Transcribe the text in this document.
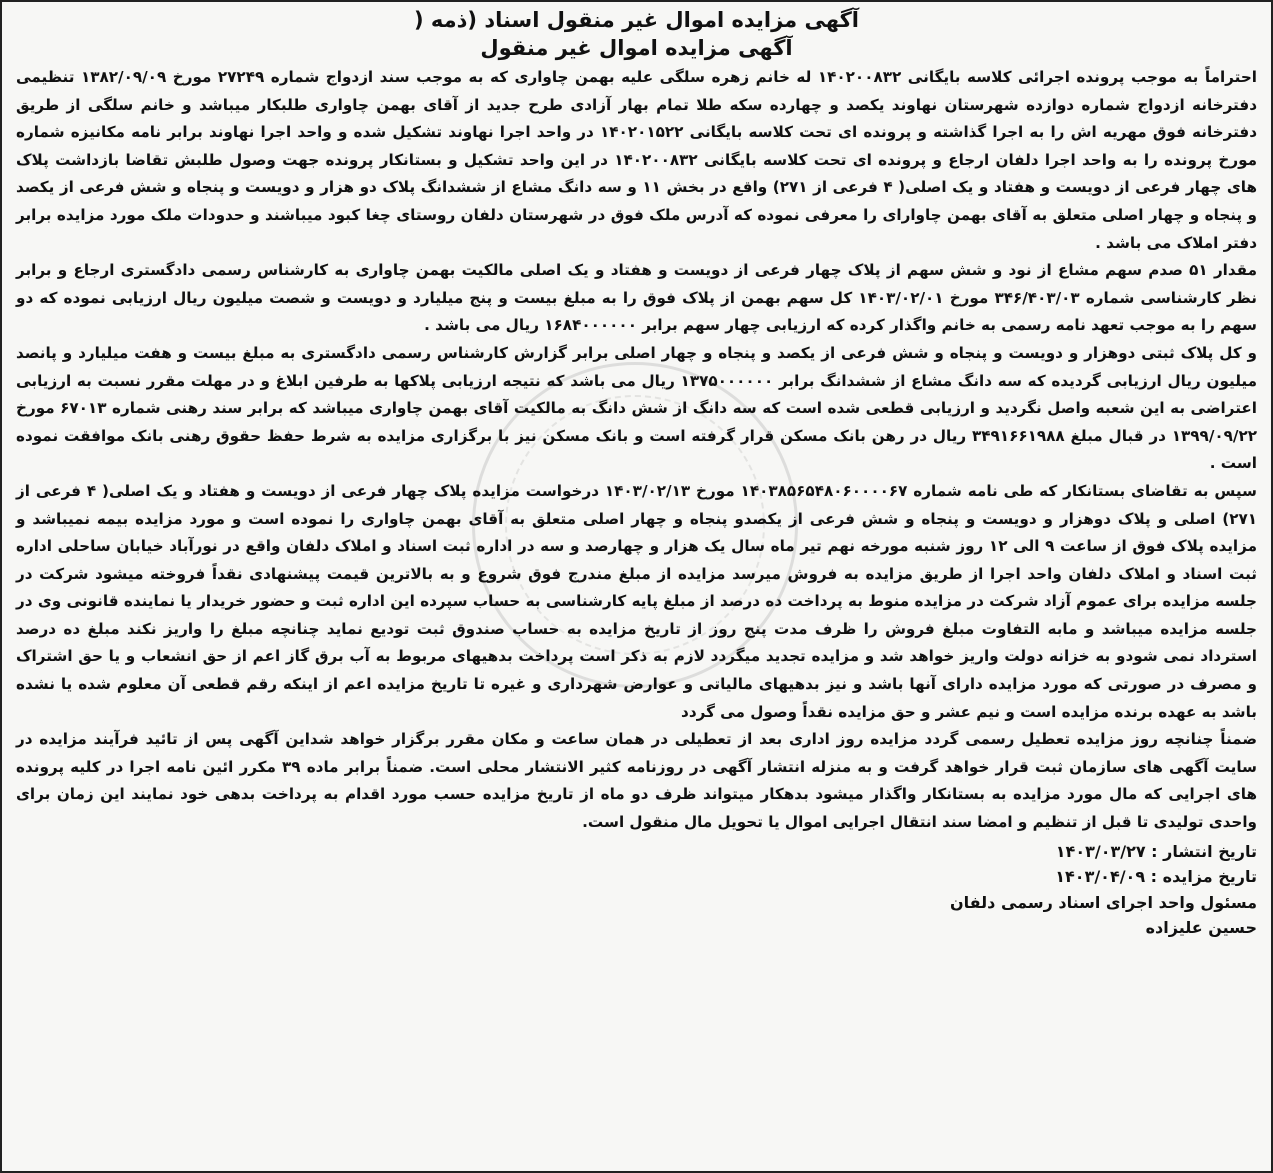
آگهی مزایده اموال غیر منقول اسناد (ذمه (
آگهی مزایده اموال غیر منقول

احتراماً به موجب پرونده اجرائی کلاسه بایگانی ۱۴۰۲۰۰۸۳۲ له خانم زهره سلگی علیه بهمن چاواری که به موجب سند ازدواج شماره ۲۷۲۴۹ مورخ ۱۳۸۲/۰۹/۰۹ تنظیمی دفترخانه ازدواج شماره دوازده شهرستان نهاوند یکصد و چهارده سکه طلا تمام بهار آزادی طرح جدید از آقای بهمن چاواری طلبکار میباشد و خانم سلگی از طریق دفترخانه فوق مهریه اش را به اجرا گذاشته و پرونده ای تحت کلاسه بایگانی ۱۴۰۲۰۱۵۲۲ در واحد اجرا نهاوند تشکیل شده و واحد اجرا نهاوند برابر نامه مکانیزه شماره مورخ پرونده را به واحد اجرا دلفان ارجاع و پرونده ای تحت کلاسه بایگانی ۱۴۰۲۰۰۸۳۲ در این واحد تشکیل و بستانکار پرونده جهت وصول طلبش تقاضا بازداشت پلاک های چهار فرعی از دویست و هفتاد و یک اصلی( ۴ فرعی از ۲۷۱) واقع در بخش ۱۱ و سه دانگ مشاع از ششدانگ پلاک دو هزار و دویست و پنجاه و شش فرعی از یکصد و پنجاه و چهار اصلی متعلق به آقای بهمن چاوارای را معرفی نموده که آدرس ملک فوق در شهرستان دلفان روستای چغا کبود میباشند و حدودات ملک مورد مزایده برابر دفتر املاک می باشد .

مقدار ۵۱ صدم سهم مشاع از نود و شش سهم از پلاک چهار فرعی از دویست و هفتاد و یک اصلی مالکیت بهمن چاواری به کارشناس رسمی دادگستری ارجاع و برابر نظر کارشناسی شماره ۳۴۶/۴۰۳/۰۳ مورخ ۱۴۰۳/۰۲/۰۱ کل سهم بهمن از پلاک فوق را به مبلغ بیست و پنج میلیارد و دویست و شصت میلیون ریال ارزیابی نموده که دو سهم را به موجب تعهد نامه رسمی به خانم واگذار کرده که ارزیابی چهار سهم برابر ۱۶۸۴۰۰۰۰۰۰ ریال می باشد .

و کل پلاک ثبتی دوهزار و دویست و پنجاه و شش فرعی از یکصد و پنجاه و چهار اصلی برابر گزارش کارشناس رسمی دادگستری به مبلغ بیست و هفت میلیارد و پانصد میلیون ریال ارزیابی گردیده که سه دانگ مشاع از ششدانگ برابر ۱۳۷۵۰۰۰۰۰۰ ریال می باشد که نتیجه ارزیابی پلاکها به طرفین ابلاغ و در مهلت مقرر نسبت به ارزیابی اعتراضی به این شعبه واصل نگردید و ارزیابی قطعی شده است که سه دانگ از شش دانگ به مالکیت آقای بهمن چاواری میباشد که برابر سند رهنی شماره ۶۷۰۱۳ مورخ ۱۳۹۹/۰۹/۲۲ در قبال مبلغ ۳۴۹۱۶۶۱۹۸۸ ریال در رهن بانک مسکن قرار گرفته است و بانک مسکن نیز با برگزاری مزایده به شرط حفظ حقوق رهنی بانک موافقت نموده است .

سپس به تقاضای بستانکار که طی نامه شماره ۱۴۰۳۸۵۶۵۴۸۰۶۰۰۰۰۶۷ مورخ ۱۴۰۳/۰۲/۱۳ درخواست مزایده پلاک چهار فرعی از دویست و هفتاد و یک اصلی( ۴ فرعی از ۲۷۱) اصلی و پلاک دوهزار و دویست و پنجاه و شش فرعی از یکصدو پنجاه و چهار اصلی متعلق به آقای بهمن چاواری را نموده است و مورد مزایده بیمه نمیباشد و مزایده پلاک فوق از ساعت ۹ الی ۱۲ روز شنبه مورخه نهم تیر ماه سال یک هزار و چهارصد و سه در اداره ثبت اسناد و املاک دلفان واقع در نورآباد خیابان ساحلی اداره ثبت اسناد و املاک دلفان واحد اجرا از طریق مزایده به فروش میرسد مزایده از مبلغ مندرج فوق شروع و به بالاترین قیمت پیشنهادی نقداً فروخته میشود شرکت در جلسه مزایده برای عموم آزاد شرکت در مزایده منوط به پرداخت ده درصد از مبلغ پایه کارشناسی به حساب سپرده این اداره ثبت و حضور خریدار یا نماینده قانونی وی در جلسه مزایده میباشد و مابه التفاوت مبلغ فروش را ظرف مدت پنج روز از تاریخ مزایده به حساب صندوق ثبت تودیع نماید چنانچه مبلغ را واریز نکند مبلغ ده درصد استرداد نمی شودو به خزانه دولت واریز خواهد شد و مزایده تجدید میگردد لازم به ذکر است پرداخت بدهیهای مربوط به آب برق گاز اعم از حق انشعاب و یا حق اشتراک و مصرف در صورتی که مورد مزایده دارای آنها باشد و نیز بدهیهای مالیاتی و عوارض شهرداری و غیره تا تاریخ مزایده اعم از اینکه رقم قطعی آن معلوم شده یا نشده باشد به عهده برنده مزایده است و نیم عشر و حق مزایده نقداً وصول می گردد

ضمناً چنانچه روز مزایده تعطیل رسمی گردد مزایده روز اداری بعد از تعطیلی در همان ساعت و مکان مقرر برگزار خواهد شداین آگهی پس از تائید فرآیند مزایده در سایت آگهی های سازمان ثبت قرار خواهد گرفت و به منزله انتشار آگهی در روزنامه کثیر الانتشار محلی است. ضمناً برابر ماده ۳۹ مکرر ائین نامه اجرا در کلیه پرونده های اجرایی که مال مورد مزایده به بستانکار واگذار میشود بدهکار میتواند ظرف دو ماه از تاریخ مزایده حسب مورد اقدام به پرداخت بدهی خود نمایند این زمان برای واحدی تولیدی تا قبل از تنظیم و امضا سند انتقال اجرایی اموال یا تحویل مال منقول است.

تاریخ انتشار : ۱۴۰۳/۰۳/۲۷
تاریخ مزایده : ۱۴۰۳/۰۴/۰۹
مسئول واحد اجرای اسناد رسمی دلفان
حسین علیزاده
